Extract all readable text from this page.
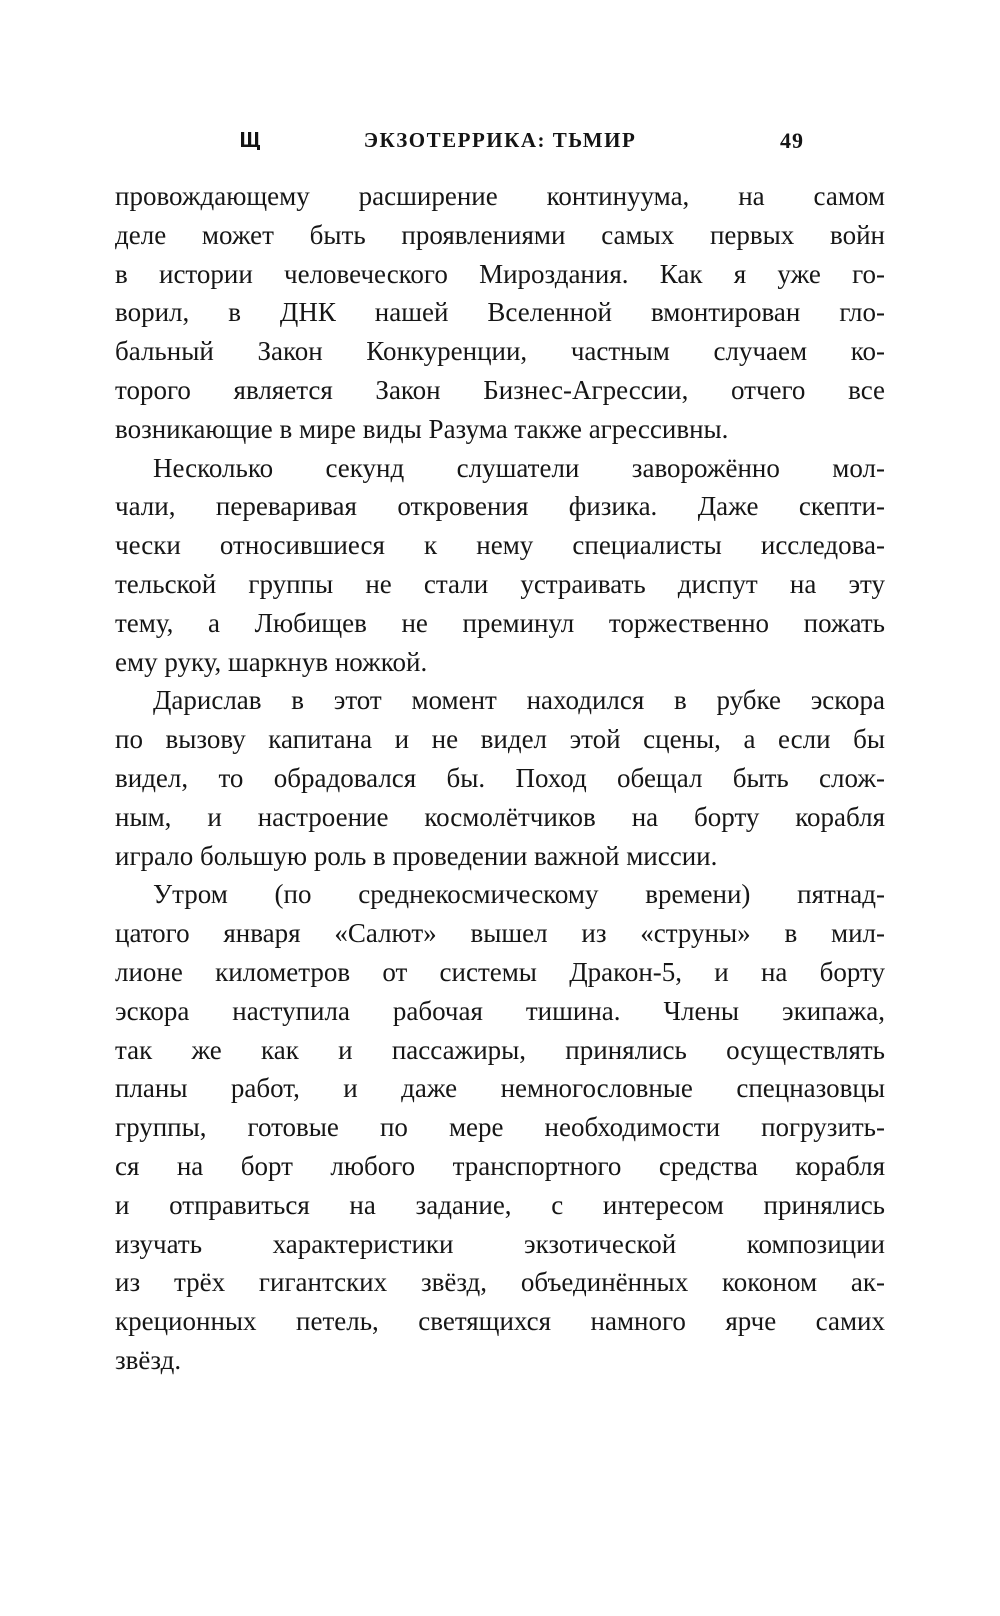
ЭКЗОТЕРРИКА: ТЬМИР	49

провождающему расширение континуума, на самом
деле может быть проявлениями самых первых войн
в истории человеческого Мироздания. Как я уже го-
ворил, в ДНК нашей Вселенной вмонтирован гло-
бальный Закон Конкуренции, частным случаем ко-
торого является Закон Бизнес-Агрессии, отчего все
возникающие в мире виды Разума также агрессивны.

Несколько секунд слушатели заворожённо мол-
чали, переваривая откровения физика. Даже скепти-
чески относившиеся к нему специалисты исследова-
тельской группы не стали устраивать диспут на эту
тему, а Любищев не преминул торжественно пожать
ему руку, шаркнув ножкой.

Дарислав в этот момент находился в рубке эскора
по вызову капитана и не видел этой сцены, а если бы
видел, то обрадовался бы. Поход обещал быть слож-
ным, и настроение космолётчиков на борту корабля
играло большую роль в проведении важной миссии.

Утром (по среднекосмическому времени) пятнад-
цатого января «Салют» вышел из «струны» в мил-
лионе километров от системы Дракон-5, и на борту
эскора наступила рабочая тишина. Члены экипажа,
так же как и пассажиры, принялись осуществлять
планы работ, и даже немногословные спецназовцы
группы, готовые по мере необходимости погрузить-
ся на борт любого транспортного средства корабля
и отправиться на задание, с интересом принялись
изучать характеристики экзотической композиции
из трёх гигантских звёзд, объединённых коконом ак-
креционных петель, светящихся намного ярче самих
звёзд.
